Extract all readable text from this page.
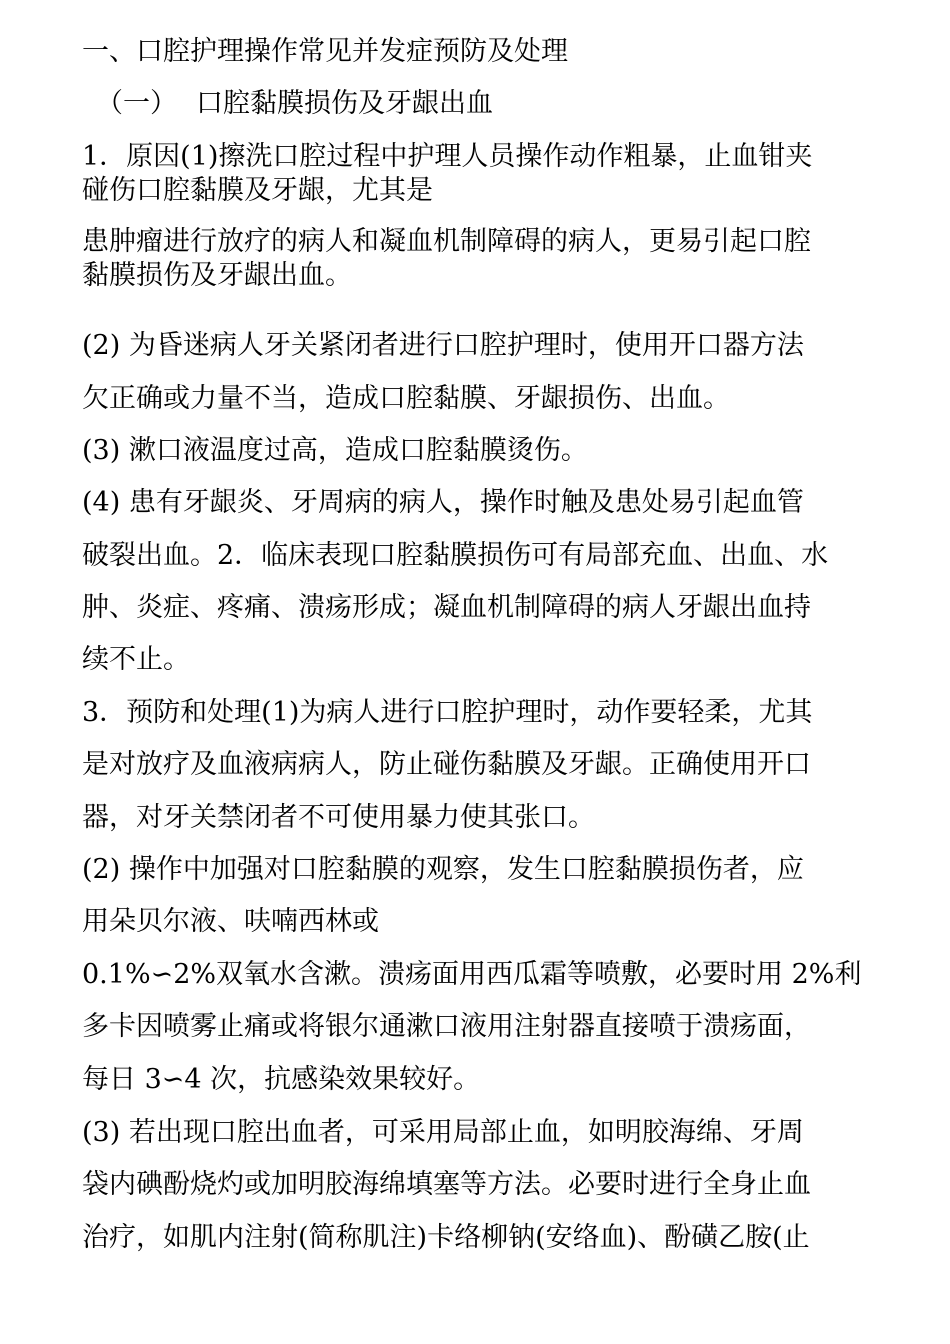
一、口腔护理操作常见并发症预防及处理
（一） 口腔黏膜损伤及牙龈出血
1．原因(1)擦洗口腔过程中护理人员操作动作粗暴，止血钳夹
碰伤口腔黏膜及牙龈，尤其是
患肿瘤进行放疗的病人和凝血机制障碍的病人，更易引起口腔
黏膜损伤及牙龈出血。
(2) 为昏迷病人牙关紧闭者进行口腔护理时，使用开口器方法
欠正确或力量不当，造成口腔黏膜、牙龈损伤、出血。
(3) 漱口液温度过高，造成口腔黏膜烫伤。
(4) 患有牙龈炎、牙周病的病人，操作时触及患处易引起血管
破裂出血。2．临床表现口腔黏膜损伤可有局部充血、出血、水
肿、炎症、疼痛、溃疡形成；凝血机制障碍的病人牙龈出血持
续不止。
3．预防和处理(1)为病人进行口腔护理时，动作要轻柔，尤其
是对放疗及血液病病人，防止碰伤黏膜及牙龈。正确使用开口
器，对牙关禁闭者不可使用暴力使其张口。
(2) 操作中加强对口腔黏膜的观察，发生口腔黏膜损伤者，应
用朵贝尔液、呋喃西林或
0.1%∽2%双氧水含漱。溃疡面用西瓜霜等喷敷，必要时用 2%利
多卡因喷雾止痛或将银尔通漱口液用注射器直接喷于溃疡面，
每日 3∽4 次，抗感染效果较好。
(3) 若出现口腔出血者，可采用局部止血，如明胶海绵、牙周
袋内碘酚烧灼或加明胶海绵填塞等方法。必要时进行全身止血
治疗，如肌内注射(简称肌注)卡络柳钠(安络血)、酚磺乙胺(止
